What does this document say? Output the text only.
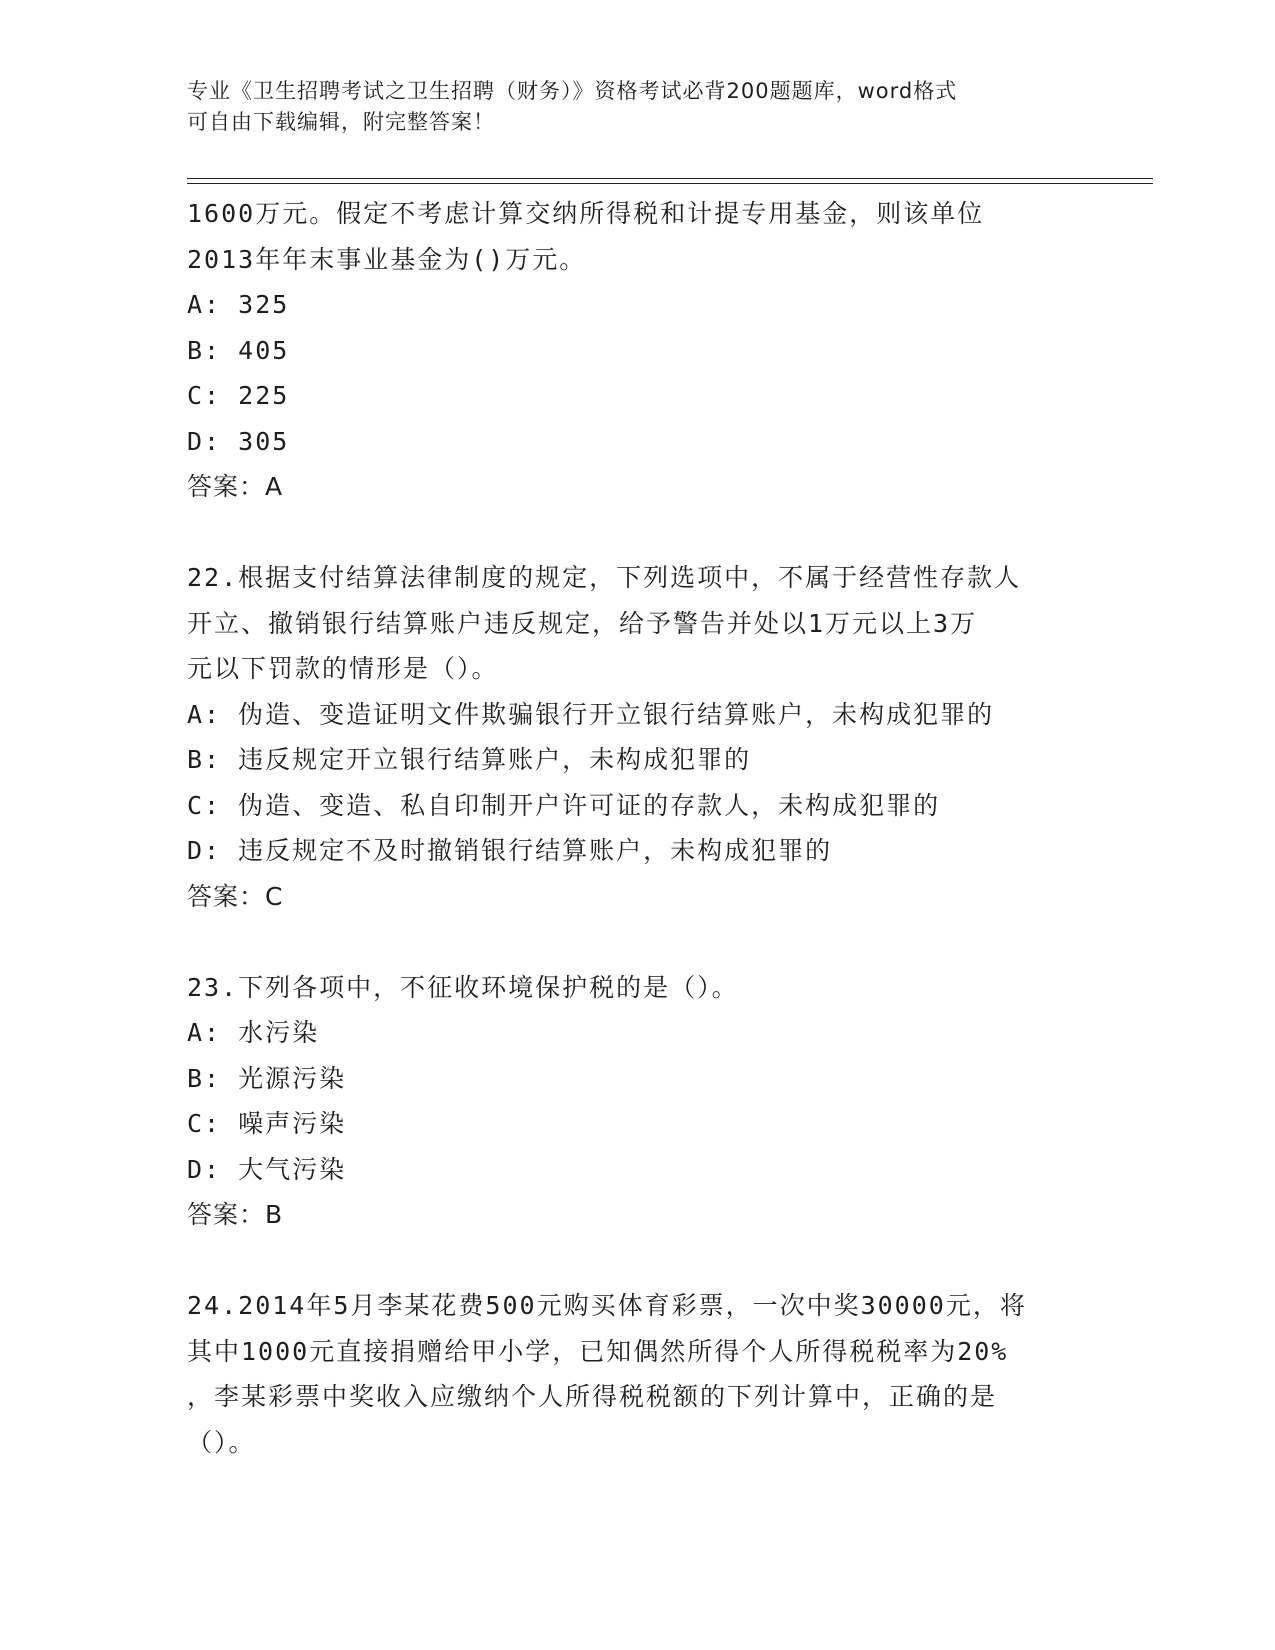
专业《卫生招聘考试之卫生招聘（财务）》资格考试必背200题题库，word格式
可自由下载编辑，附完整答案！
1600万元。假定不考虑计算交纳所得税和计提专用基金，则该单位
2013年年末事业基金为()万元。
A: 325
B: 405
C: 225
D: 305
答案：A
22.根据支付结算法律制度的规定，下列选项中，不属于经营性存款人
开立、撤销银行结算账户违反规定，给予警告并处以1万元以上3万
元以下罚款的情形是（）。
A: 伪造、变造证明文件欺骗银行开立银行结算账户，未构成犯罪的
B: 违反规定开立银行结算账户，未构成犯罪的
C: 伪造、变造、私自印制开户许可证的存款人，未构成犯罪的
D: 违反规定不及时撤销银行结算账户，未构成犯罪的
答案：C
23.下列各项中，不征收环境保护税的是（）。
A: 水污染
B: 光源污染
C: 噪声污染
D: 大气污染
答案：B
24.2014年5月李某花费500元购买体育彩票，一次中奖30000元，将
其中1000元直接捐赠给甲小学，已知偶然所得个人所得税税率为20%
，李某彩票中奖收入应缴纳个人所得税税额的下列计算中，正确的是
（）。
